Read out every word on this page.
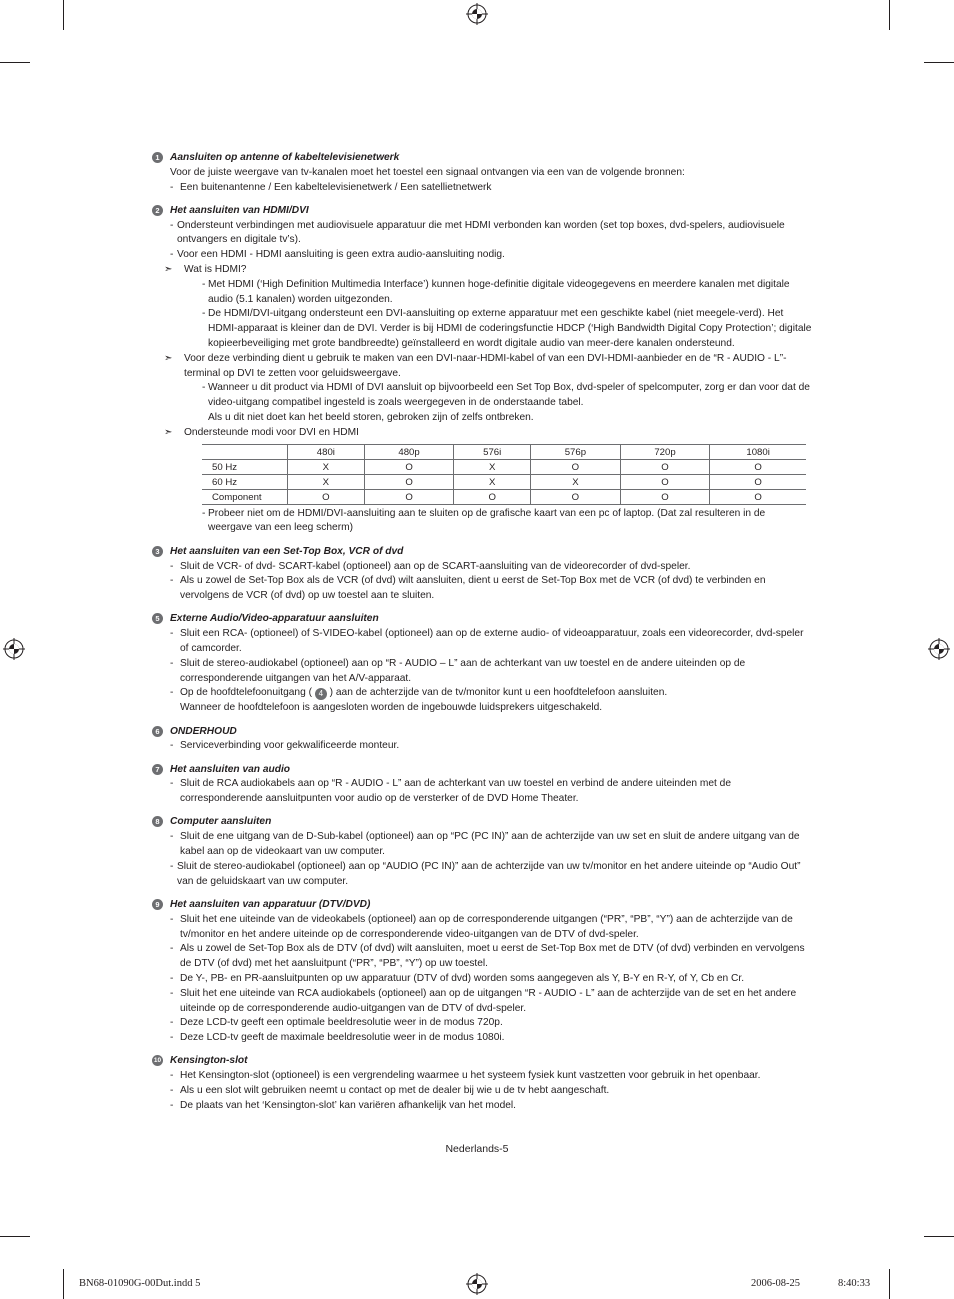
1	Aansluiten op antenne of kabeltelevisienetwerk
Voor de juiste weergave van tv-kanalen moet het toestel een signaal ontvangen via een van de volgende bronnen:
- Een buitenantenne / Een kabeltelevisienetwerk / Een satellietnetwerk
2	Het aansluiten van HDMI/DVI
- Ondersteunt verbindingen met audiovisuele apparatuur die met HDMI verbonden kan worden (set top boxes, dvd-spelers, audiovisuele ontvangers en digitale tv’s).
- Voor een HDMI - HDMI aansluiting is geen extra audio-aansluiting nodig.
➣ Wat is HDMI?
- Met HDMI (‘High Definition Multimedia Interface’) kunnen hoge-definitie digitale videogegevens en meerdere kanalen met digitale audio (5.1 kanalen) worden uitgezonden.
- De HDMI/DVI-uitgang ondersteunt een DVI-aansluiting op externe apparatuur met een geschikte kabel (niet meegele-verd). Het HDMI-apparaat is kleiner dan de DVI. Verder is bij HDMI de coderingsfunctie HDCP (‘High Bandwidth Digital Copy Protection’; digitale kopieerbeveiliging met grote bandbreedte) geïnstalleerd en wordt digitale audio van meer-dere kanalen ondersteund.
➣ Voor deze verbinding dient u gebruik te maken van een DVI-naar-HDMI-kabel of van een DVI-HDMI-aanbieder en de “R - AUDIO - L”-terminal op DVI te zetten voor geluidsweergave.
- Wanneer u dit product via HDMI of DVI aansluit op bijvoorbeeld een Set Top Box, dvd-speler of spelcomputer, zorg er dan voor dat de video-uitgang compatibel ingesteld is zoals weergegeven in de onderstaande tabel.
Als u dit niet doet kan het beeld storen, gebroken zijn of zelfs ontbreken.
➣ Ondersteunde modi voor DVI en HDMI
	480i	480p	576i	576p	720p	1080i
50 Hz	X	O	X	O	O	O
60 Hz	X	O	X	X	O	O
Component	O	O	O	O	O	O
- Probeer niet om de HDMI/DVI-aansluiting aan te sluiten op de grafische kaart van een pc of laptop. (Dat zal resulteren in de weergave van een leeg scherm)
3	Het aansluiten van een Set-Top Box, VCR of dvd
- Sluit de VCR- of dvd- SCART-kabel (optioneel) aan op de SCART-aansluiting van de videorecorder of dvd-speler.
- Als u zowel de Set-Top Box als de VCR (of dvd) wilt aansluiten, dient u eerst de Set-Top Box met de VCR (of dvd) te verbinden en vervolgens de VCR (of dvd) op uw toestel aan te sluiten.
5	Externe Audio/Video-apparatuur aansluiten
- Sluit een RCA- (optioneel) of S-VIDEO-kabel (optioneel) aan op de externe audio- of videoapparatuur, zoals een videorecorder, dvd-speler of camcorder.
- Sluit de stereo-audiokabel (optioneel) aan op “R - AUDIO – L” aan de achterkant van uw toestel en de andere uiteinden op de corresponderende uitgangen van het A/V-apparaat.
- Op de hoofdtelefoonuitgang ( 4 ) aan de achterzijde van de tv/monitor kunt u een hoofdtelefoon aansluiten.
Wanneer de hoofdtelefoon is aangesloten worden de ingebouwde luidsprekers uitgeschakeld.
6	ONDERHOUD
- Serviceverbinding voor gekwalificeerde monteur.
7	Het aansluiten van audio
- Sluit de RCA audiokabels aan op “R - AUDIO - L” aan de achterkant van uw toestel en verbind de andere uiteinden met de corresponderende aansluitpunten voor audio op de versterker of de DVD Home Theater.
8	Computer aansluiten
- Sluit de ene uitgang van de D-Sub-kabel (optioneel) aan op “PC (PC IN)” aan de achterzijde van uw set en sluit de andere uitgang van de kabel aan op de videokaart van uw computer.
- Sluit de stereo-audiokabel (optioneel) aan op “AUDIO (PC IN)” aan de achterzijde van uw tv/monitor en het andere uiteinde op “Audio Out” van de geluidskaart van uw computer.
9	Het aansluiten van apparatuur (DTV/DVD)
- Sluit het ene uiteinde van de videokabels (optioneel) aan op de corresponderende uitgangen (“PR”, “PB”, “Y”) aan de achterzijde van de tv/monitor en het andere uiteinde op de corresponderende video-uitgangen van de DTV of dvd-speler.
- Als u zowel de Set-Top Box als de DTV (of dvd) wilt aansluiten, moet u eerst de Set-Top Box met de DTV (of dvd) verbinden en vervolgens de DTV (of dvd) met het aansluitpunt (“PR”, “PB”, “Y”) op uw toestel.
- De Y-, PB- en PR-aansluitpunten op uw apparatuur (DTV of dvd) worden soms aangegeven als Y, B-Y en R-Y, of Y, Cb en Cr.
- Sluit het ene uiteinde van RCA audiokabels (optioneel) aan op de uitgangen “R - AUDIO - L” aan de achterzijde van de set en het andere uiteinde op de corresponderende audio-uitgangen van de DTV of dvd-speler.
- Deze LCD-tv geeft een optimale beeldresolutie weer in de modus 720p.
- Deze LCD-tv geeft de maximale beeldresolutie weer in de modus 1080i.
10 Kensington-slot
- Het Kensington-slot (optioneel) is een vergrendeling waarmee u het systeem fysiek kunt vastzetten voor gebruik in het openbaar.
- Als u een slot wilt gebruiken neemt u contact op met de dealer bij wie u de tv hebt aangeschaft.
- De plaats van het ‘Kensington-slot’ kan variëren afhankelijk van het model.
Nederlands-5
BN68-01090G-00Dut.indd 5	2006-08-25	8:40:33
